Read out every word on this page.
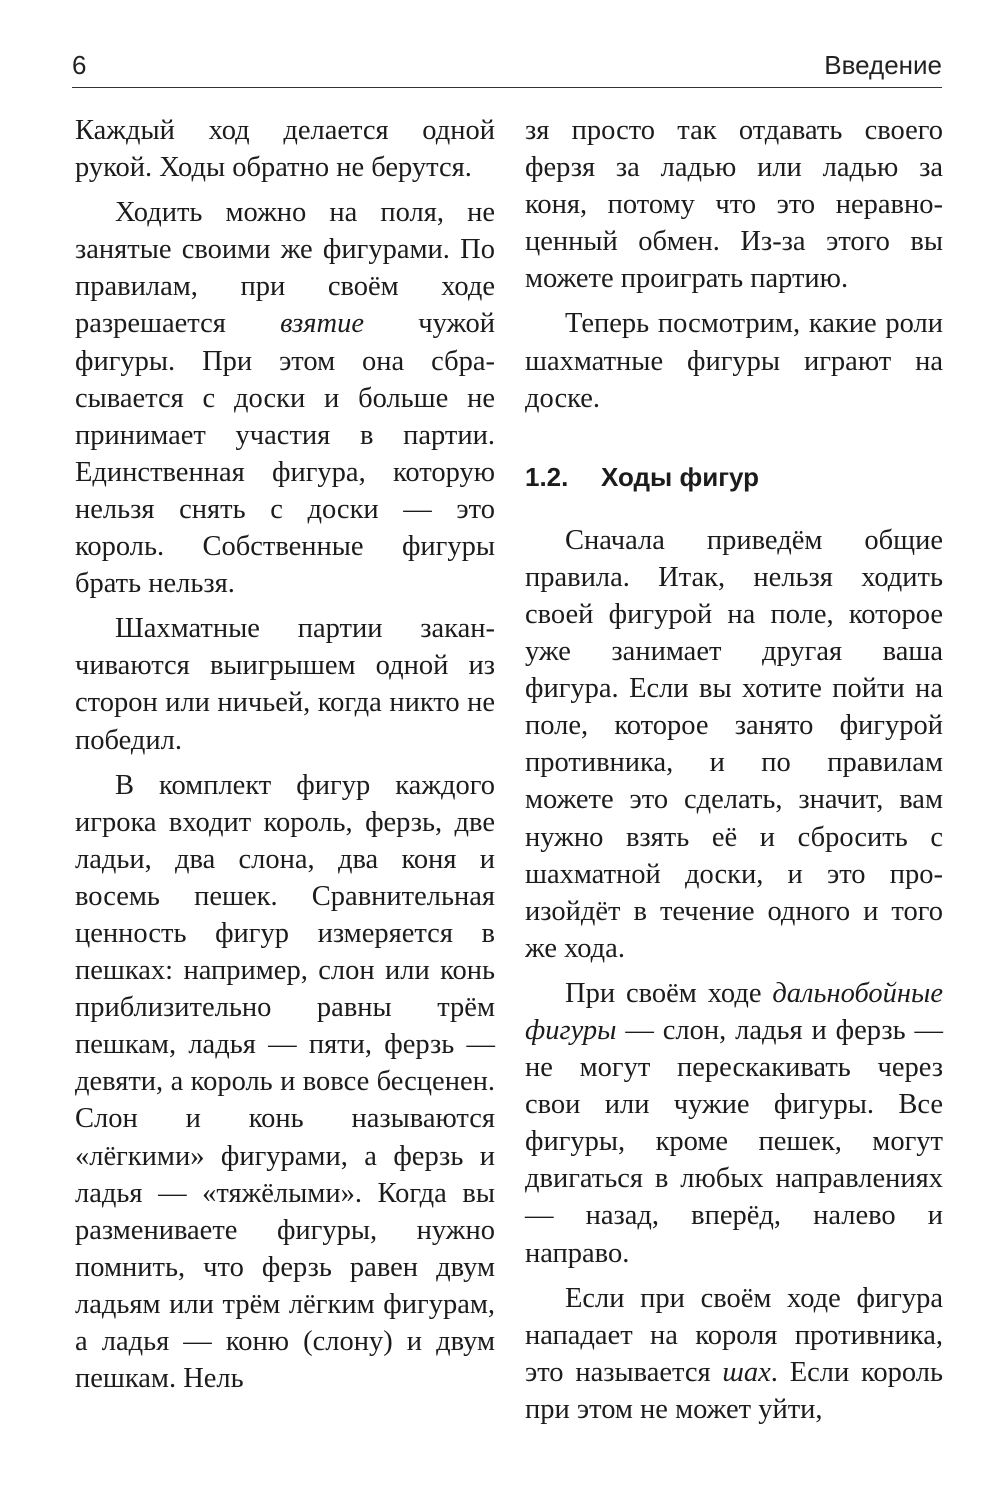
6	Введение

Каждый ход делается одной рукой. Ходы обратно не берутся.

Ходить можно на поля, не занятые своими же фигурами. По правилам, при своём ходе разрешается взятие чужой фигуры. При этом она сбрасывается с доски и больше не принимает участия в партии. Единственная фигура, которую нельзя снять с доски — это король. Собственные фигуры брать нельзя.

Шахматные партии заканчиваются выигрышем одной из сторон или ничьей, когда никто не победил.

В комплект фигур каждого игрока входит король, ферзь, две ладьи, два слона, два коня и восемь пешек. Сравнительная ценность фигур измеряется в пешках: например, слон или конь приблизительно равны трём пешкам, ладья — пяти, ферзь — девяти, а король и вовсе бесценен. Слон и конь называются «лёгкими» фигурами, а ферзь и ладья — «тяжёлыми». Когда вы размениваете фигуры, нужно помнить, что ферзь равен двум ладьям или трём лёгким фигурам, а ладья — коню (слону) и двум пешкам. Нель

зя просто так отдавать своего ферзя за ладью или ладью за коня, потому что это неравноценный обмен. Из-за этого вы можете проиграть партию.

Теперь посмотрим, какие роли шахматные фигуры играют на доске.

1.2. Ходы фигур

Сначала приведём общие правила. Итак, нельзя ходить своей фигурой на поле, которое уже занимает другая ваша фигура. Если вы хотите пойти на поле, которое занято фигурой противника, и по правилам можете это сделать, значит, вам нужно взять её и сбросить с шахматной доски, и это произойдёт в течение одного и того же хода.

При своём ходе дальнобойные фигуры — слон, ладья и ферзь — не могут перескакивать через свои или чужие фигуры. Все фигуры, кроме пешек, могут двигаться в любых направлениях — назад, вперёд, налево и направо.

Если при своём ходе фигура нападает на короля противника, это называется шах. Если король при этом не может уйти,
